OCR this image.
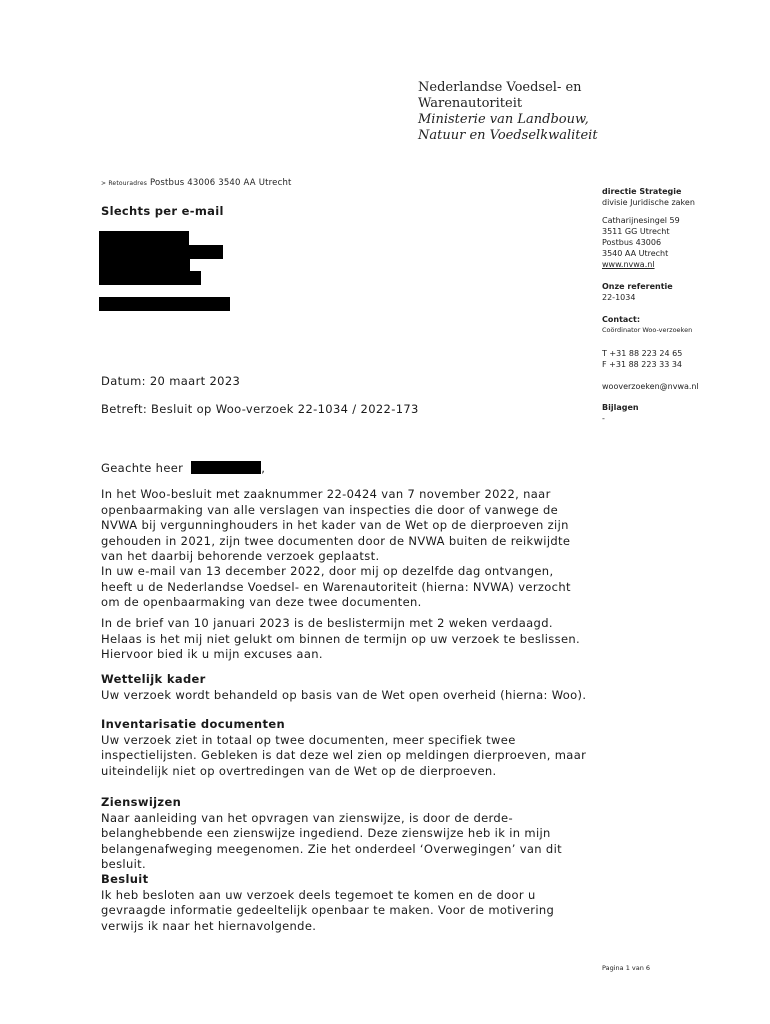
Nederlandse Voedsel- en
Warenautoriteit
Ministerie van Landbouw,
Natuur en Voedselkwaliteit
> Retouradres Postbus 43006 3540 AA Utrecht
Slechts per e-mail
Datum: 20 maart 2023
Betreft: Besluit op Woo-verzoek 22-1034 / 2022-173
Geachte heer	,
In het Woo-besluit met zaaknummer 22-0424 van 7 november 2022, naar openbaarmaking van alle verslagen van inspecties die door of vanwege de NVWA bij vergunninghouders in het kader van de Wet op de dierproeven zijn gehouden in 2021, zijn twee documenten door de NVWA buiten de reikwijdte van het daarbij behorende verzoek geplaatst.
In uw e-mail van 13 december 2022, door mij op dezelfde dag ontvangen, heeft u de Nederlandse Voedsel- en Warenautoriteit (hierna: NVWA) verzocht om de openbaarmaking van deze twee documenten.
In de brief van 10 januari 2023 is de beslistermijn met 2 weken verdaagd. Helaas is het mij niet gelukt om binnen de termijn op uw verzoek te beslissen. Hiervoor bied ik u mijn excuses aan.
Wettelijk kader
Uw verzoek wordt behandeld op basis van de Wet open overheid (hierna: Woo).
Inventarisatie documenten
Uw verzoek ziet in totaal op twee documenten, meer specifiek twee inspectielijsten. Gebleken is dat deze wel zien op meldingen dierproeven, maar uiteindelijk niet op overtredingen van de Wet op de dierproeven.
Zienswijzen
Naar aanleiding van het opvragen van zienswijze, is door de derde-belanghebbende een zienswijze ingediend. Deze zienswijze heb ik in mijn belangenafweging meegenomen. Zie het onderdeel ‘Overwegingen’ van dit besluit.
Besluit
Ik heb besloten aan uw verzoek deels tegemoet te komen en de door u gevraagde informatie gedeeltelijk openbaar te maken. Voor de motivering verwijs ik naar het hiernavolgende.
directie Strategie
divisie Juridische zaken
Catharijnesingel 59
3511 GG Utrecht
Postbus 43006
3540 AA Utrecht
www.nvwa.nl
Onze referentie
22-1034
Contact:
Coördinator Woo-verzoeken
T +31 88 223 24 65
F +31 88 223 33 34
wooverzoeken@nvwa.nl
Bijlagen
-
Pagina 1 van 6
